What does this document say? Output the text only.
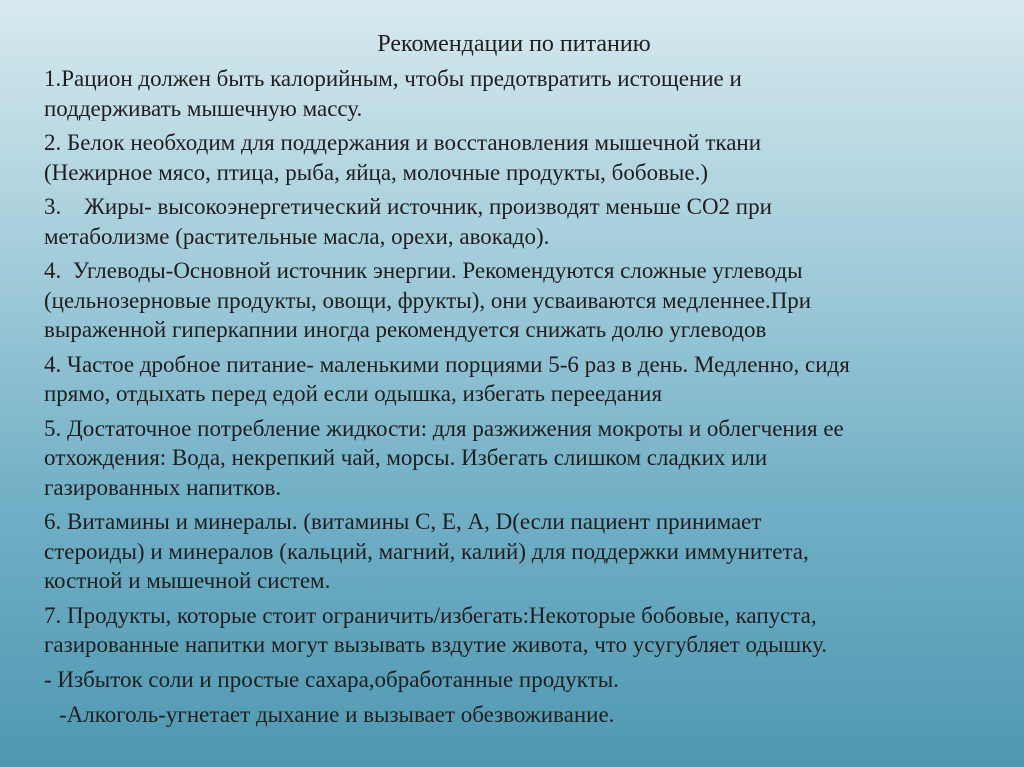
Рекомендации по питанию

1.Рацион должен быть калорийным, чтобы предотвратить истощение и
поддерживать мышечную массу.

2. Белок необходим для поддержания и восстановления мышечной ткани
(Нежирное мясо, птица, рыба, яйца, молочные продукты, бобовые.)

3.    Жиры- высокоэнергетический источник, производят меньше СО2 при
метаболизме (растительные масла, орехи, авокадо).

4.  Углеводы-Основной источник энергии. Рекомендуются сложные углеводы
(цельнозерновые продукты, овощи, фрукты), они усваиваются медленнее.При
выраженной гиперкапнии иногда рекомендуется снижать долю углеводов

4. Частое дробное питание- маленькими порциями 5-6 раз в день. Медленно, сидя
прямо, отдыхать перед едой если одышка, избегать переедания

5. Достаточное потребление жидкости: для разжижения мокроты и облегчения ее
отхождения: Вода, некрепкий чай, морсы. Избегать слишком сладких или
газированных напитков.

6. Витамины и минералы. (витамины С, Е, А, D(если пациент принимает
стероиды) и минералов (кальций, магний, калий) для поддержки иммунитета,
костной и мышечной систем.

7. Продукты, которые стоит ограничить/избегать:Некоторые бобовые, капуста,
газированные напитки могут вызывать вздутие живота, что усугубляет одышку.

- Избыток соли и простые сахара,обработанные продукты.

-Алкоголь-угнетает дыхание и вызывает обезвоживание.
